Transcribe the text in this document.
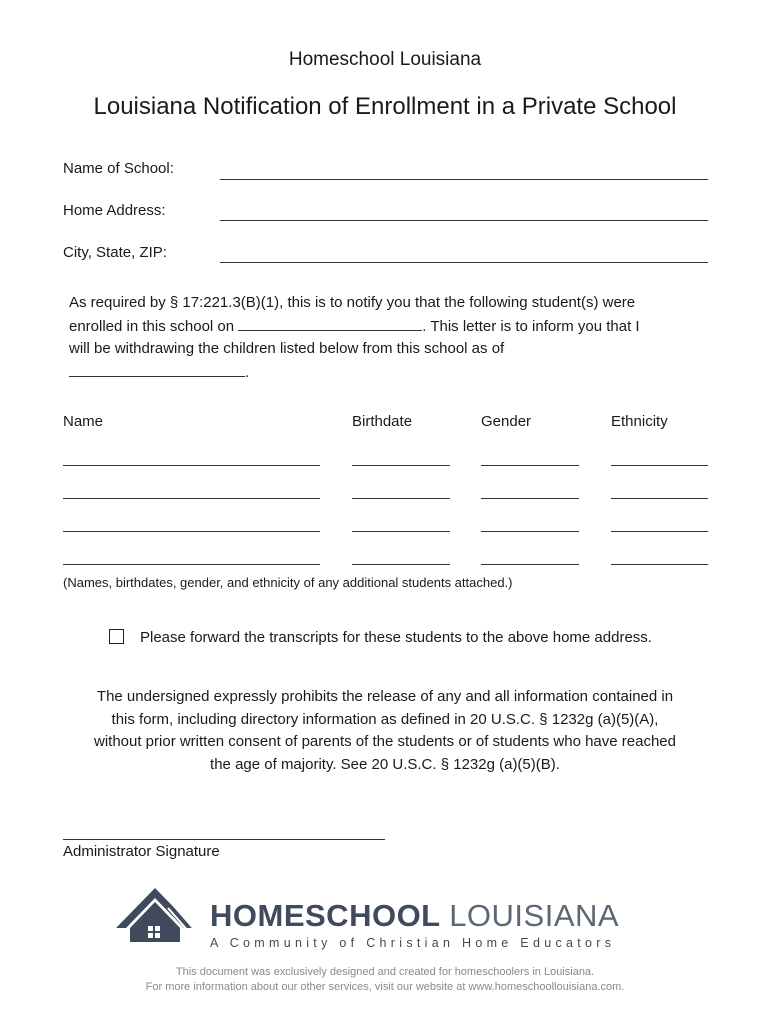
Homeschool Louisiana
Louisiana Notification of Enrollment in a Private School
Name of School:
Home Address:
City, State, ZIP:
As required by § 17:221.3(B)(1), this is to notify you that the following student(s) were
enrolled in this school on	. This letter is to inform you that I
will be withdrawing the children listed below from this school as of
.
Name	Birthdate	Gender	Ethnicity
(Names, birthdates, gender, and ethnicity of any additional students attached.)
Please forward the transcripts for these students to the above home address.
The undersigned expressly prohibits the release of any and all information contained in
this form, including directory information as defined in 20 U.S.C. § 1232g (a)(5)(A),
without prior written consent of parents of the students or of students who have reached
the age of majority. See 20 U.S.C. § 1232g (a)(5)(B).
Administrator Signature
HOMESCHOOL LOUISIANA
A Community of Christian Home Educators
This document was exclusively designed and created for homeschoolers in Louisiana.
For more information about our other services, visit our website at www.homeschoollouisiana.com.
